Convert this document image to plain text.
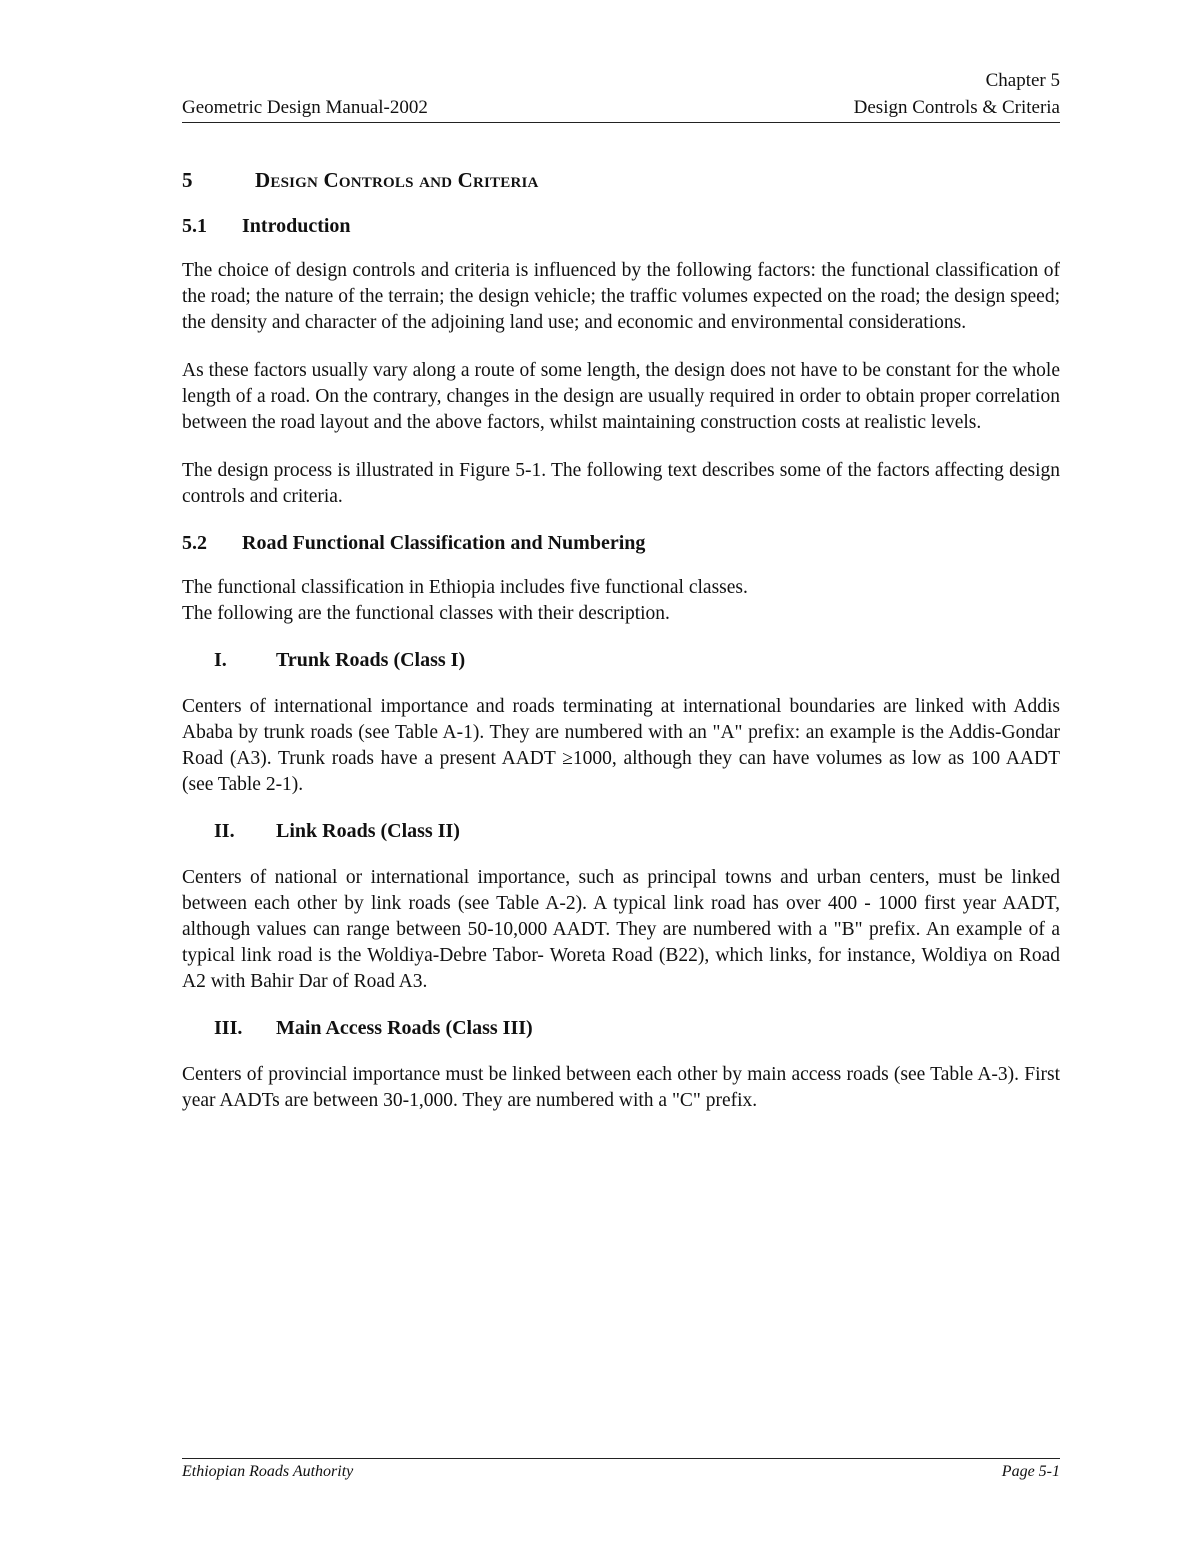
Chapter 5
Geometric Design Manual-2002	Design Controls & Criteria
5	Design Controls and Criteria
5.1	Introduction

The choice of design controls and criteria is influenced by the following factors: the functional classification of the road; the nature of the terrain; the design vehicle; the traffic volumes expected on the road; the design speed; the density and character of the adjoining land use; and economic and environmental considerations.

As these factors usually vary along a route of some length, the design does not have to be constant for the whole length of a road. On the contrary, changes in the design are usually required in order to obtain proper correlation between the road layout and the above factors, whilst maintaining construction costs at realistic levels.

The design process is illustrated in Figure 5-1. The following text describes some of the factors affecting design controls and criteria.

5.2	Road Functional Classification and Numbering

The functional classification in Ethiopia includes five functional classes.

The following are the functional classes with their description.

I.	Trunk Roads (Class I)

Centers of international importance and roads terminating at international boundaries are linked with Addis Ababa by trunk roads (see Table A-1). They are numbered with an "A" prefix: an example is the Addis-Gondar Road (A3). Trunk roads have a present AADT ≥1000, although they can have volumes as low as 100 AADT (see Table 2-1).

II.	Link Roads (Class II)

Centers of national or international importance, such as principal towns and urban centers, must be linked between each other by link roads (see Table A-2). A typical link road has over 400 - 1000 first year AADT, although values can range between 50-10,000 AADT. They are numbered with a "B" prefix. An example of a typical link road is the Woldiya-Debre Tabor- Woreta Road (B22), which links, for instance, Woldiya on Road A2 with Bahir Dar of Road A3.

III.	Main Access Roads (Class III)

Centers of provincial importance must be linked between each other by main access roads (see Table A-3). First year AADTs are between 30-1,000. They are numbered with a "C" prefix.

Ethiopian Roads Authority	Page 5-1
